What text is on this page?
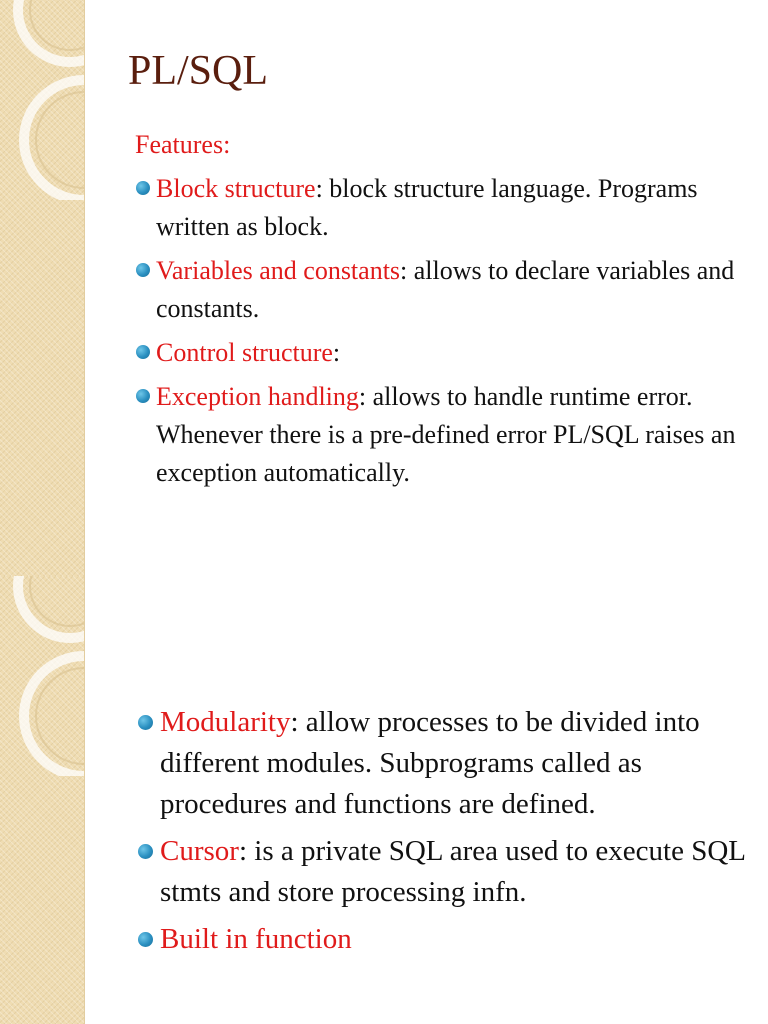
PL/SQL
Features:
Block structure: block structure language. Programs written as block.
Variables and constants: allows to declare variables and constants.
Control structure:
Exception handling: allows to handle runtime error. Whenever there is a pre-defined error PL/SQL raises an exception automatically.
Modularity: allow processes to be divided into different modules. Subprograms called as procedures and functions are defined.
Cursor: is a private SQL area used to execute SQL stmts and store processing infn.
Built in function
